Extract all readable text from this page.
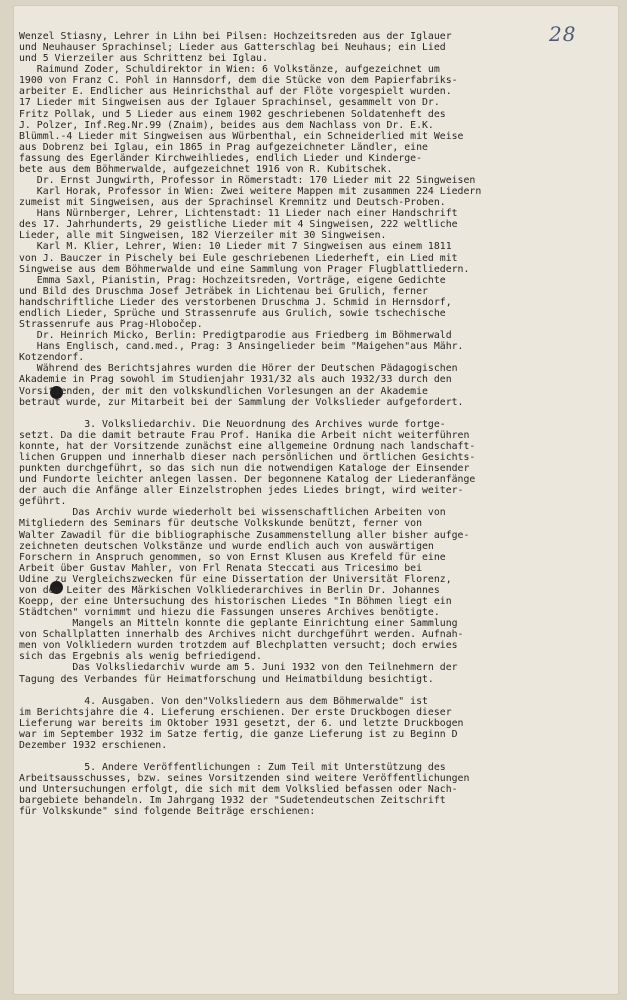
28
Wenzel Stiasny, Lehrer in Lihn bei Pilsen: Hochzeitsreden aus der Iglauer
und Neuhauser Sprachinsel; Lieder aus Gatterschlag bei Neuhaus; ein Lied
und 5 Vierzeiler aus Schrittenz bei Iglau.
Raimund Zoder, Schuldirektor in Wien: 6 Volkstänze, aufgezeichnet um
1900 von Franz C. Pohl in Hannsdorf, dem die Stücke von dem Papierfabriks-
arbeiter E. Endlicher aus Heinrichsthal auf der Flöte vorgespielt wurden.
17 Lieder mit Singweisen aus der Iglauer Sprachinsel, gesammelt von Dr.
Fritz Pollak, und 5 Lieder aus einem 1902 geschriebenen Soldatenheft des
J. Polzer, Inf.Reg.Nr.99 (Znaim), beides aus dem Nachlass von Dr. E.K.
Blümml.-4 Lieder mit Singweisen aus Würbenthal, ein Schneiderlied mit Weise
aus Dobrenz bei Iglau, ein 1865 in Prag aufgezeichneter Ländler, eine
fassung des Egerländer Kirchweihliedes, endlich Lieder und Kinderge-
bete aus dem Böhmerwalde, aufgezeichnet 1916 von R. Kubitschek.
Dr. Ernst Jungwirth, Professor in Römerstadt: 170 Lieder mit 22 Singweisen
Karl Horak, Professor in Wien: Zwei weitere Mappen mit zusammen 224 Liedern
zumeist mit Singweisen, aus der Sprachinsel Kremnitz und Deutsch-Proben.
Hans Nürnberger, Lehrer, Lichtenstadt: 11 Lieder nach einer Handschrift
des 17. Jahrhunderts, 29 geistliche Lieder mit 4 Singweisen, 222 weltliche
Lieder, alle mit Singweisen, 182 Vierzeiler mit 30 Singweisen.
Karl M. Klier, Lehrer, Wien: 10 Lieder mit 7 Singweisen aus einem 1811
von J. Bauczer in Pischely bei Eule geschriebenen Liederheft, ein Lied mit
Singweise aus dem Böhmerwalde und eine Sammlung von Prager Flugblattliedern.
Emma Saxl, Pianistin, Prag: Hochzeitsreden, Vorträge, eigene Gedichte
und Bild des Druschma Josef Jeträbek in Lichtenau bei Grulich, ferner
handschriftliche Lieder des verstorbenen Druschma J. Schmid in Hernsdorf,
endlich Lieder, Sprüche und Strassenrufe aus Grulich, sowie tschechische
Strassenrufe aus Prag-Hlobočep.
Dr. Heinrich Micko, Berlin: Predigtparodie aus Friedberg im Böhmerwald
Hans Englisch, cand.med., Prag: 3 Ansingelieder beim "Maigehen"aus Mähr.
Kotzendorf.
Während des Berichtsjahres wurden die Hörer der Deutschen Pädagogischen
Akademie in Prag sowohl im Studienjahr 1931/32 als auch 1932/33 durch den
Vorsitzenden, der mit den volkskundlichen Vorlesungen an der Akademie
betraut wurde, zur Mitarbeit bei der Sammlung der Volkslieder aufgefordert.
3. Volksliedarchiv. Die Neuordnung des Archives wurde fortge-
setzt. Da die damit betraute Frau Prof. Hanika die Arbeit nicht weiterführen
konnte, hat der Vorsitzende zunächst eine allgemeine Ordnung nach landschaft-
lichen Gruppen und innerhalb dieser nach persönlichen und örtlichen Gesichts-
punkten durchgeführt, so das sich nun die notwendigen Kataloge der Einsender
und Fundorte leichter anlegen lassen. Der begonnene Katalog der Liederanfänge
der auch die Anfänge aller Einzelstrophen jedes Liedes bringt, wird weiter-
geführt.
Das Archiv wurde wiederholt bei wissenschaftlichen Arbeiten von
Mitgliedern des Seminars für deutsche Volkskunde benützt, ferner von
Walter Zawadil für die bibliographische Zusammenstellung aller bisher aufge-
zeichneten deutschen Volkstänze und wurde endlich auch von auswärtigen
Forschern in Anspruch genommen, so von Ernst Klusen aus Krefeld für eine
Arbeit über Gustav Mahler, von Frl Renata Steccati aus Tricesimo bei
Udine zu Vergleichszwecken für eine Dissertation der Universität Florenz,
von dem Leiter des Märkischen Volkliederarchives in Berlin Dr. Johannes
Koepp, der eine Untersuchung des historischen Liedes "In Böhmen liegt ein
Städtchen" vornimmt und hiezu die Fassungen unseres Archives benötigte.
Mangels an Mitteln konnte die geplante Einrichtung einer Sammlung
von Schallplatten innerhalb des Archives nicht durchgeführt werden. Aufnah-
men von Volkliedern wurden trotzdem auf Blechplatten versucht; doch erwies
sich das Ergebnis als wenig befriedigend.
Das Volksliedarchiv wurde am 5. Juni 1932 von den Teilnehmern der
Tagung des Verbandes für Heimatforschung und Heimatbildung besichtigt.
4. Ausgaben. Von den"Volksliedern aus dem Böhmerwalde" ist
im Berichtsjahre die 4. Lieferung erschienen. Der erste Druckbogen dieser
Lieferung war bereits im Oktober 1931 gesetzt, der 6. und letzte Druckbogen
war im September 1932 im Satze fertig, die ganze Lieferung ist zu Beginn D
Dezember 1932 erschienen.
5. Andere Veröffentlichungen : Zum Teil mit Unterstützung des
Arbeitsausschusses, bzw. seines Vorsitzenden sind weitere Veröffentlichungen
und Untersuchungen erfolgt, die sich mit dem Volkslied befassen oder Nach-
bargebiete behandeln. Im Jahrgang 1932 der "Sudetendeutschen Zeitschrift
für Volkskunde" sind folgende Beiträge erschienen:
